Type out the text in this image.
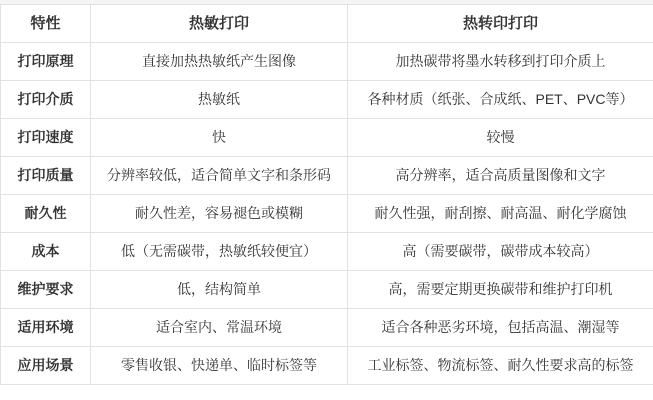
特性	热敏打印	热转印打印
打印原理	直接加热热敏纸产生图像	加热碳带将墨水转移到打印介质上
打印介质	热敏纸	各种材质（纸张、合成纸、PET、PVC等）
打印速度	快	较慢
打印质量	分辨率较低，适合简单文字和条形码	高分辨率，适合高质量图像和文字
耐久性	耐久性差，容易褪色或模糊	耐久性强，耐刮擦、耐高温、耐化学腐蚀
成本	低（无需碳带，热敏纸较便宜）	高（需要碳带，碳带成本较高）
维护要求	低，结构简单	高，需要定期更换碳带和维护打印机
适用环境	适合室内、常温环境	适合各种恶劣环境，包括高温、潮湿等
应用场景	零售收银、快递单、临时标签等	工业标签、物流标签、耐久性要求高的标签
